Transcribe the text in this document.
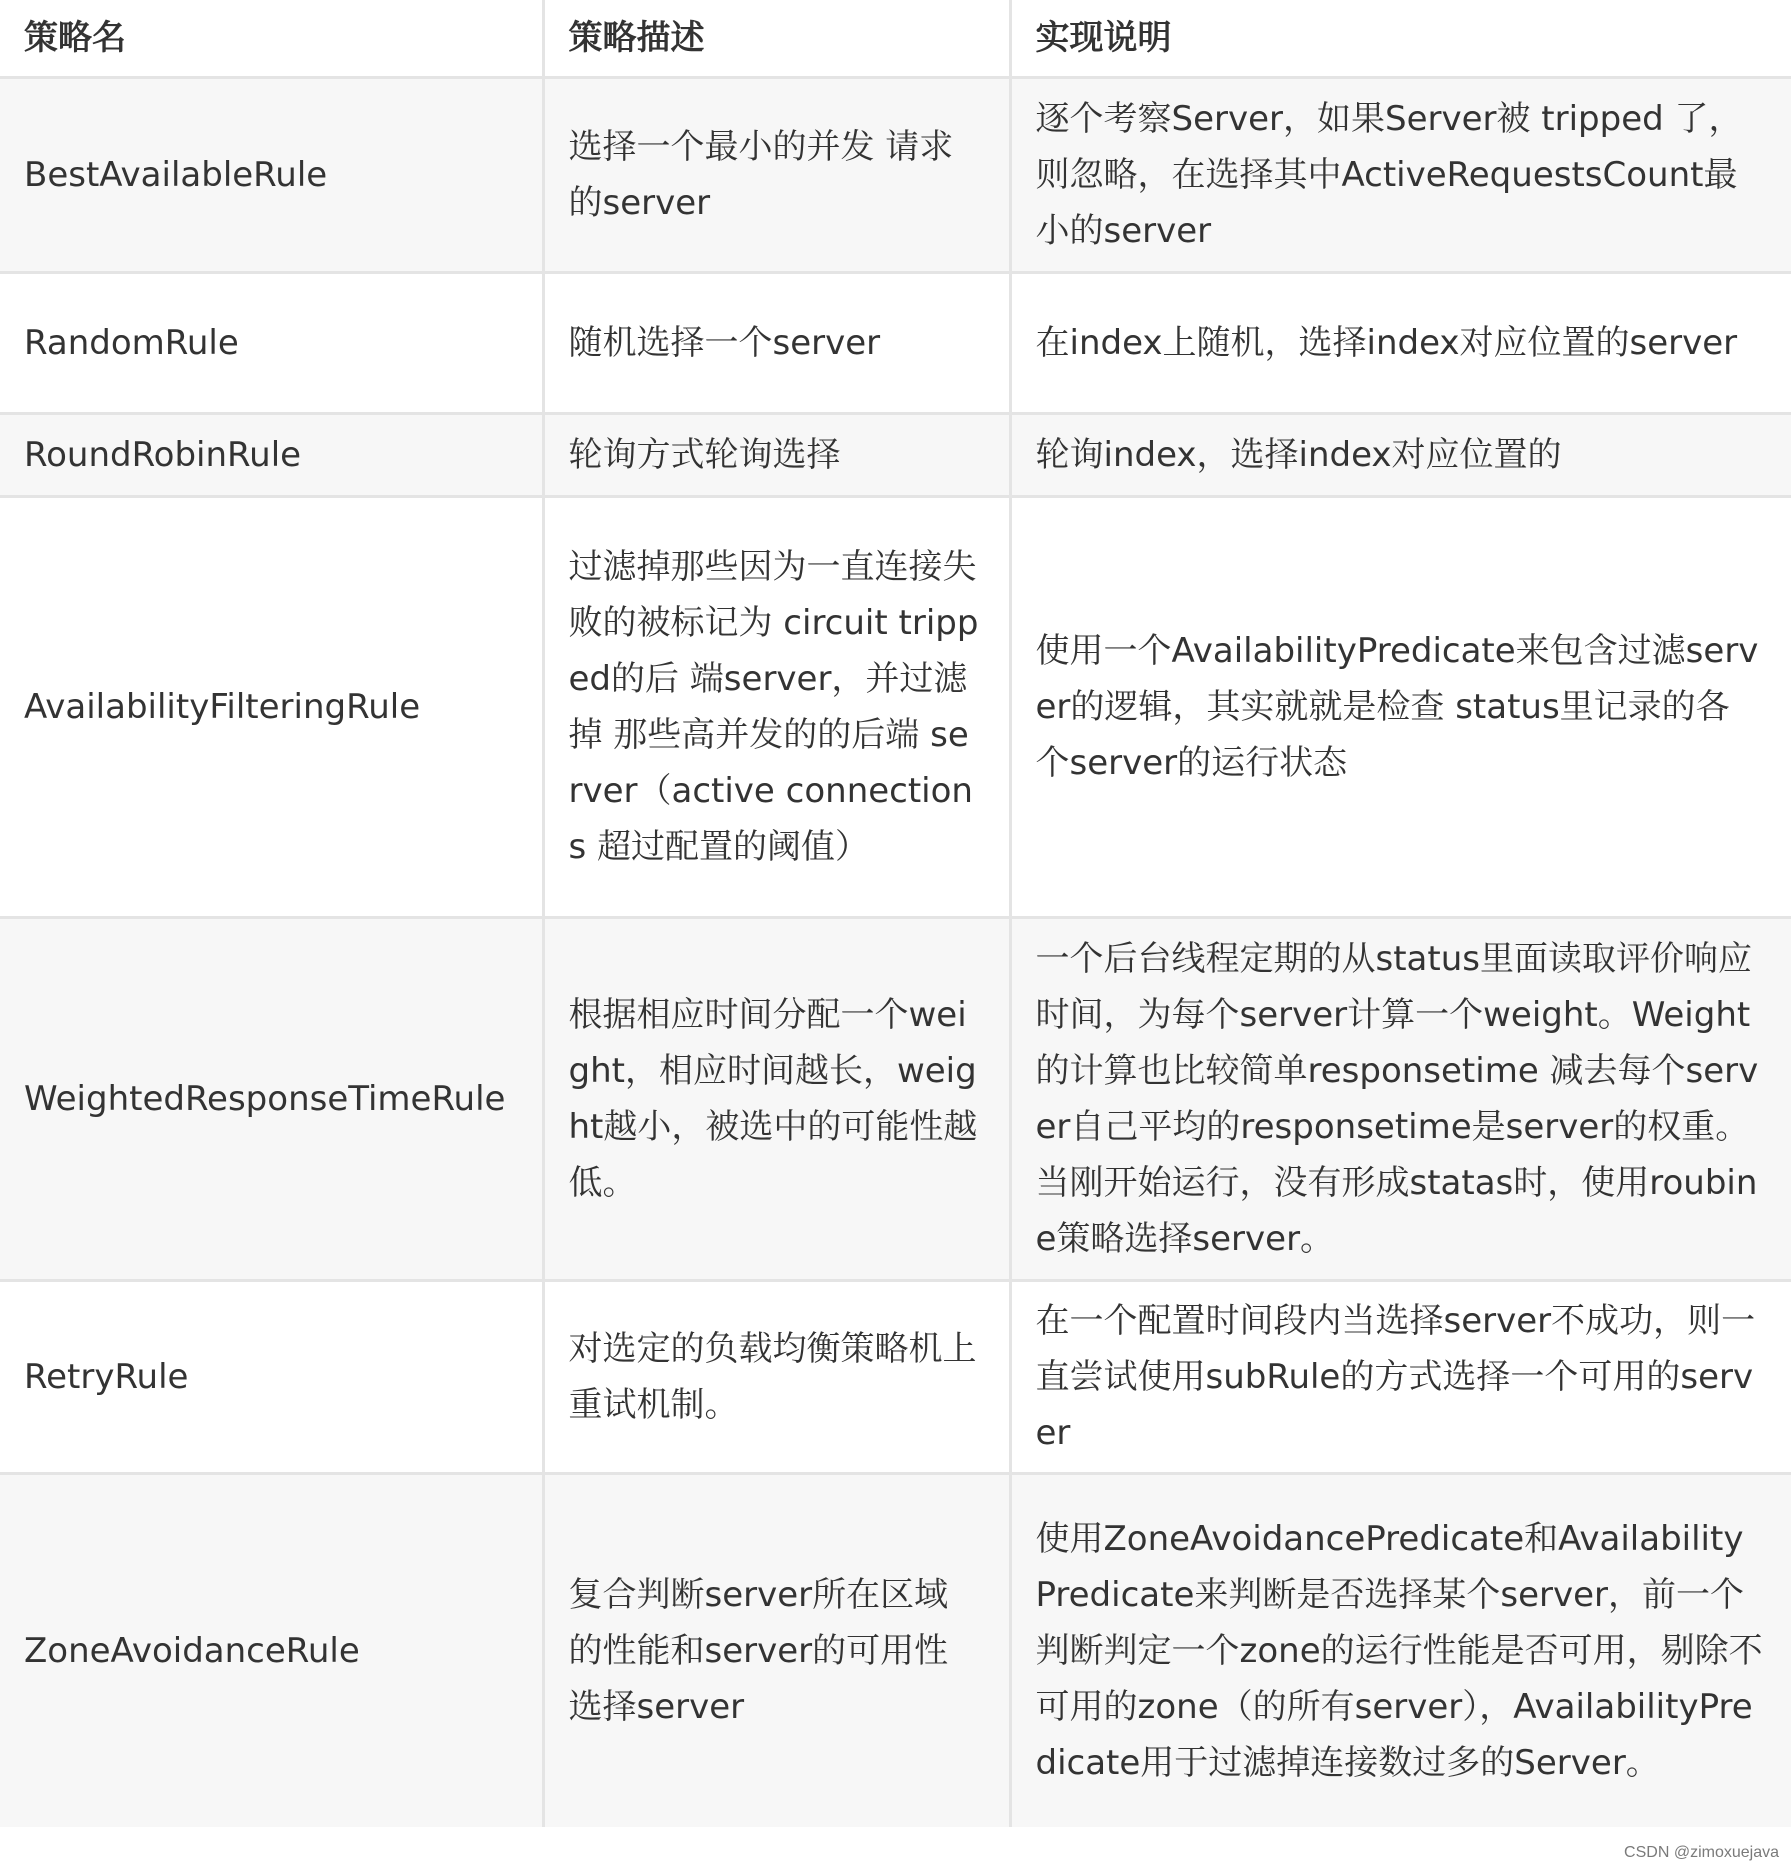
策略名	策略描述	实现说明
BestAvailableRule	选择一个最小的并发 请求的server	逐个考察Server，如果Server被 tripped 了，则忽略，在选择其中ActiveRequestsCount最小的server
RandomRule	随机选择一个server	在index上随机，选择index对应位置的server
RoundRobinRule	轮询方式轮询选择	轮询index，选择index对应位置的
AvailabilityFilteringRule	过滤掉那些因为一直连接失败的被标记为 circuit tripped的后 端server，并过滤掉 那些高并发的的后端 server（active connections 超过配置的阈值）	使用一个AvailabilityPredicate来包含过滤server的逻辑，其实就就是检查 status里记录的各个server的运行状态
WeightedResponseTimeRule	根据相应时间分配一个weight，相应时间越长，weight越小，被选中的可能性越低。	一个后台线程定期的从status里面读取评价响应时间，为每个server计算一个weight。Weight的计算也比较简单responsetime 减去每个server自己平均的responsetime是server的权重。当刚开始运行，没有形成statas时，使用roubine策略选择server。
RetryRule	对选定的负载均衡策略机上重试机制。	在一个配置时间段内当选择server不成功，则一直尝试使用subRule的方式选择一个可用的server
ZoneAvoidanceRule	复合判断server所在区域的性能和server的可用性选择server	使用ZoneAvoidancePredicate和AvailabilityPredicate来判断是否选择某个server，前一个判断判定一个zone的运行性能是否可用，剔除不可用的zone（的所有server），AvailabilityPredicate用于过滤掉连接数过多的Server。
CSDN @zimoxuejava
